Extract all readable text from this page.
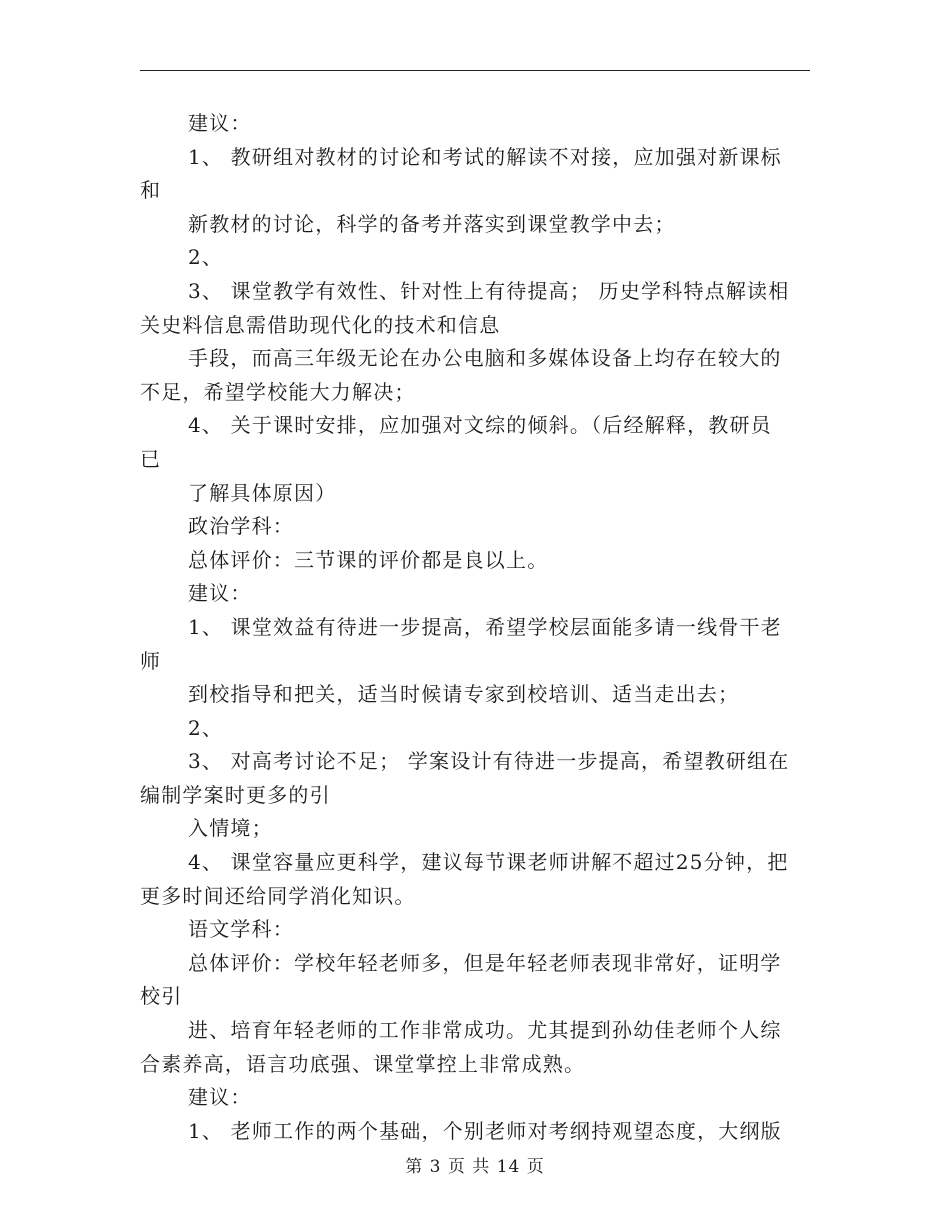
建议：
1、 教研组对教材的讨论和考试的解读不对接，应加强对新课标
和
新教材的讨论，科学的备考并落实到课堂教学中去；
2、
3、 课堂教学有效性、针对性上有待提高； 历史学科特点解读相
关史料信息需借助现代化的技术和信息
手段，而高三年级无论在办公电脑和多媒体设备上均存在较大的
不足，希望学校能大力解决；
4、 关于课时安排，应加强对文综的倾斜。（后经解释，教研员
已
了解具体原因）
政治学科：
总体评价：三节课的评价都是良以上。
建议：
1、 课堂效益有待进一步提高，希望学校层面能多请一线骨干老
师
到校指导和把关，适当时候请专家到校培训、适当走出去；
2、
3、 对高考讨论不足； 学案设计有待进一步提高，希望教研组在
编制学案时更多的引
入情境；
4、 课堂容量应更科学，建议每节课老师讲解不超过25分钟，把
更多时间还给同学消化知识。
语文学科：
总体评价：学校年轻老师多，但是年轻老师表现非常好，证明学
校引
进、培育年轻老师的工作非常成功。尤其提到孙幼佳老师个人综
合素养高，语言功底强、课堂掌控上非常成熟。
建议：
1、 老师工作的两个基础，个别老师对考纲持观望态度，大纲版
第 3 页 共 14 页
